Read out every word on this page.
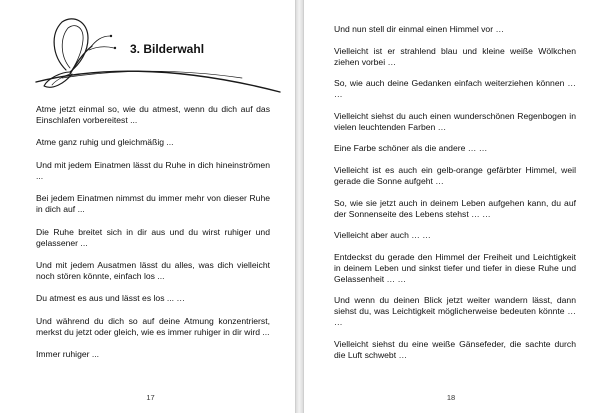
3. Bilderwahl

Atme jetzt einmal so, wie du atmest, wenn du dich auf das Einschlafen vorbereitest ...

Atme ganz ruhig und gleichmäßig ...

Und mit jedem Einatmen lässt du Ruhe in dich hineinströmen ...

Bei jedem Einatmen nimmst du immer mehr von dieser Ruhe in dich auf ...

Die Ruhe breitet sich in dir aus und du wirst ruhiger und gelassener ...

Und mit jedem Ausatmen lässt du alles, was dich vielleicht noch stören könnte, einfach los ...

Du atmest es aus und lässt es los ... …

Und während du dich so auf deine Atmung konzentrierst, merkst du jetzt oder gleich, wie es immer ruhiger in dir wird ...

Immer ruhiger ...

17

Und nun stell dir einmal einen Himmel vor …

Vielleicht ist er strahlend blau und kleine weiße Wölkchen ziehen vorbei …

So, wie auch deine Gedanken einfach weiterziehen können … …

Vielleicht siehst du auch einen wunderschönen Regenbogen in vielen leuchtenden Farben …

Eine Farbe schöner als die andere … …

Vielleicht ist es auch ein gelb-orange gefärbter Himmel, weil gerade die Sonne aufgeht …

So, wie sie jetzt auch in deinem Leben aufgehen kann, du auf der Sonnenseite des Lebens stehst … …

Vielleicht aber auch … …

Entdeckst du gerade den Himmel der Freiheit und Leichtigkeit in deinem Leben und sinkst tiefer und tiefer in diese Ruhe und Gelassenheit … …

Und wenn du deinen Blick jetzt weiter wandern lässt, dann siehst du, was Leichtigkeit möglicherweise bedeuten könnte … …

Vielleicht siehst du eine weiße Gänsefeder, die sachte durch die Luft schwebt …

18
